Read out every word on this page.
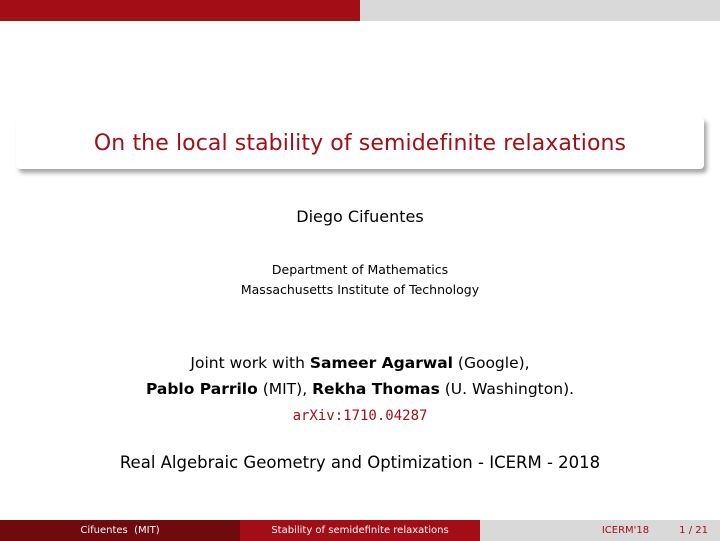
On the local stability of semidefinite relaxations
Diego Cifuentes
Department of Mathematics
Massachusetts Institute of Technology
Joint work with Sameer Agarwal (Google),
Pablo Parrilo (MIT), Rekha Thomas (U. Washington).
arXiv:1710.04287
Real Algebraic Geometry and Optimization - ICERM - 2018
Cifuentes  (MIT)	Stability of semidefinite relaxations	ICERM'18	1 / 21
